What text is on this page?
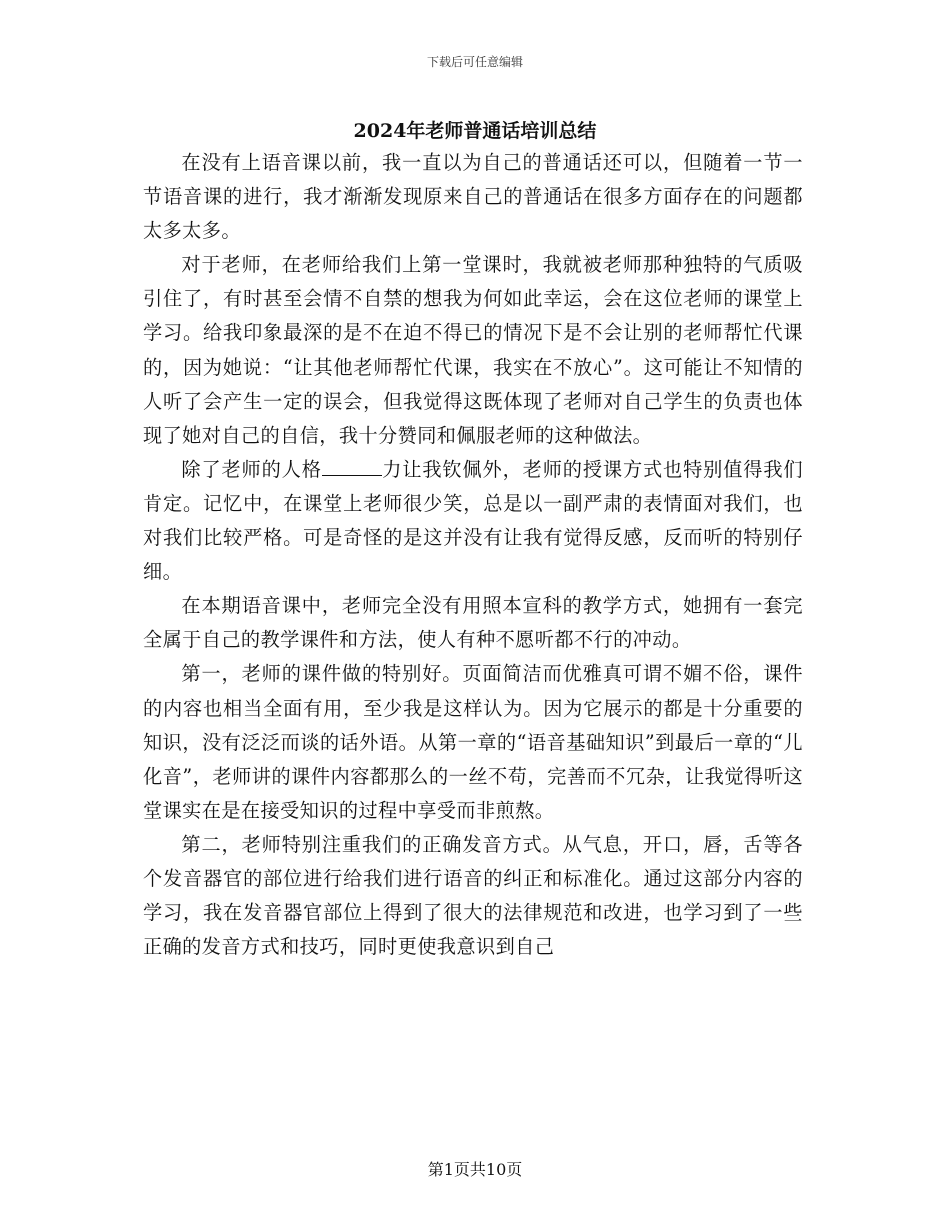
下载后可任意编辑
2024年老师普通话培训总结

在没有上语音课以前，我一直以为自己的普通话还可以，但随着一节一节语音课的进行，我才渐渐发现原来自己的普通话在很多方面存在的问题都太多太多。

对于老师，在老师给我们上第一堂课时，我就被老师那种独特的气质吸引住了，有时甚至会情不自禁的想我为何如此幸运，会在这位老师的课堂上学习。给我印象最深的是不在迫不得已的情况下是不会让别的老师帮忙代课的，因为她说：“让其他老师帮忙代课，我实在不放心”。这可能让不知情的人听了会产生一定的误会，但我觉得这既体现了老师对自己学生的负责也体现了她对自己的自信，我十分赞同和佩服老师的这种做法。

除了老师的人格	力让我钦佩外，老师的授课方式也特别值得我们肯定。记忆中，在课堂上老师很少笑，总是以一副严肃的表情面对我们，也对我们比较严格。可是奇怪的是这并没有让我有觉得反感，反而听的特别仔细。

在本期语音课中，老师完全没有用照本宣科的教学方式，她拥有一套完全属于自己的教学课件和方法，使人有种不愿听都不行的冲动。

第一，老师的课件做的特别好。页面简洁而优雅真可谓不媚不俗，课件的内容也相当全面有用，至少我是这样认为。因为它展示的都是十分重要的知识，没有泛泛而谈的话外语。从第一章的“语音基础知识”到最后一章的“儿化音”，老师讲的课件内容都那么的一丝不苟，完善而不冗杂，让我觉得听这堂课实在是在接受知识的过程中享受而非煎熬。

第二，老师特别注重我们的正确发音方式。从气息，开口，唇，舌等各个发音器官的部位进行给我们进行语音的纠正和标准化。通过这部分内容的学习，我在发音器官部位上得到了很大的法律规范和改进，也学习到了一些正确的发音方式和技巧，同时更使我意识到自己

第1页共10页
